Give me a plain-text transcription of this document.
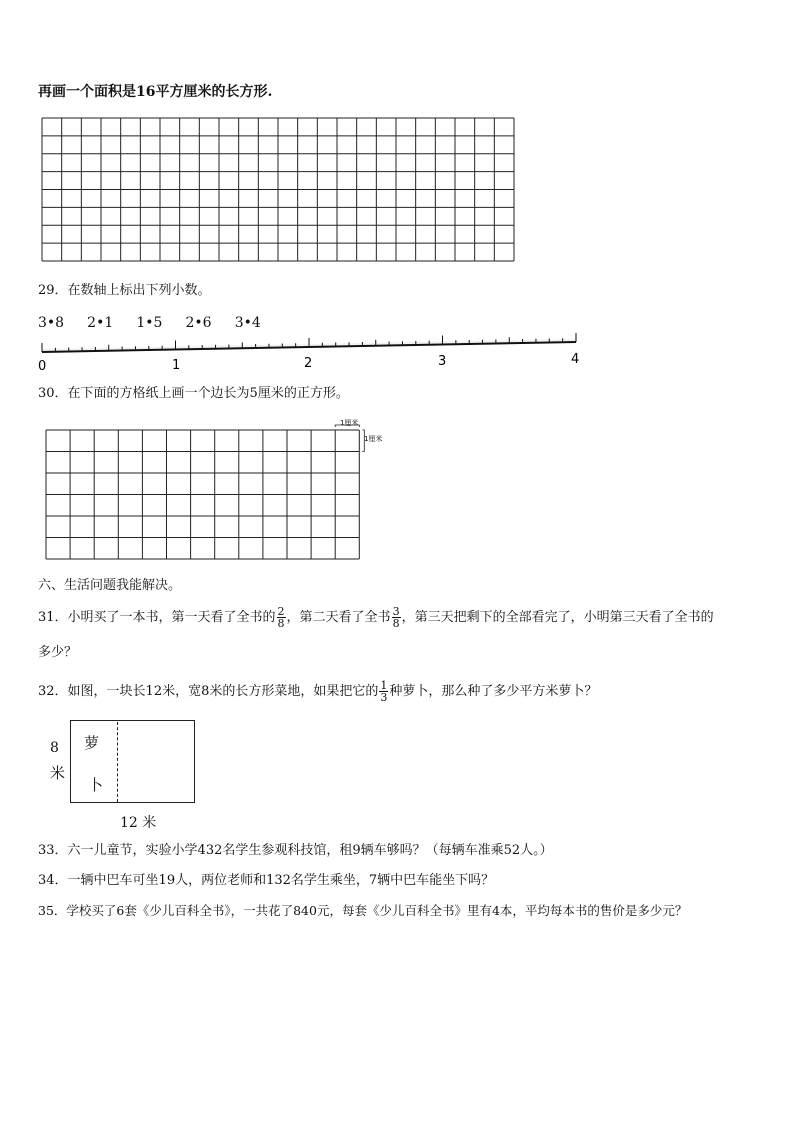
再画一个面积是16平方厘米的长方形.
29．在数轴上标出下列小数。
3•8 2•1 1•5 2•6 3•4
0	1	2	3	4
30．在下面的方格纸上画一个边长为5厘米的正方形。
1厘米
1厘米
六、生活问题我能解决。
31．小明买了一本书，第一天看了全书的 $\frac{2}{8}$ ，第二天看了全书 $\frac{3}{8}$ ，第三天把剩下的全部看完了，小明第三天看了全书的
多少？
32．如图，一块长12米，宽8米的长方形菜地，如果把它的 $\frac{1}{3}$ 种萝卜，那么种了多少平方米萝卜？
8
米
萝
卜
12 米
33．六一儿童节，实验小学432名学生参观科技馆，租9辆车够吗？（每辆车准乘52人。）
34．一辆中巴车可坐19人，两位老师和132名学生乘坐，7辆中巴车能坐下吗？
35．学校买了6套《少儿百科全书》，一共花了840元，每套《少儿百科全书》里有4本，平均每本书的售价是多少元？
